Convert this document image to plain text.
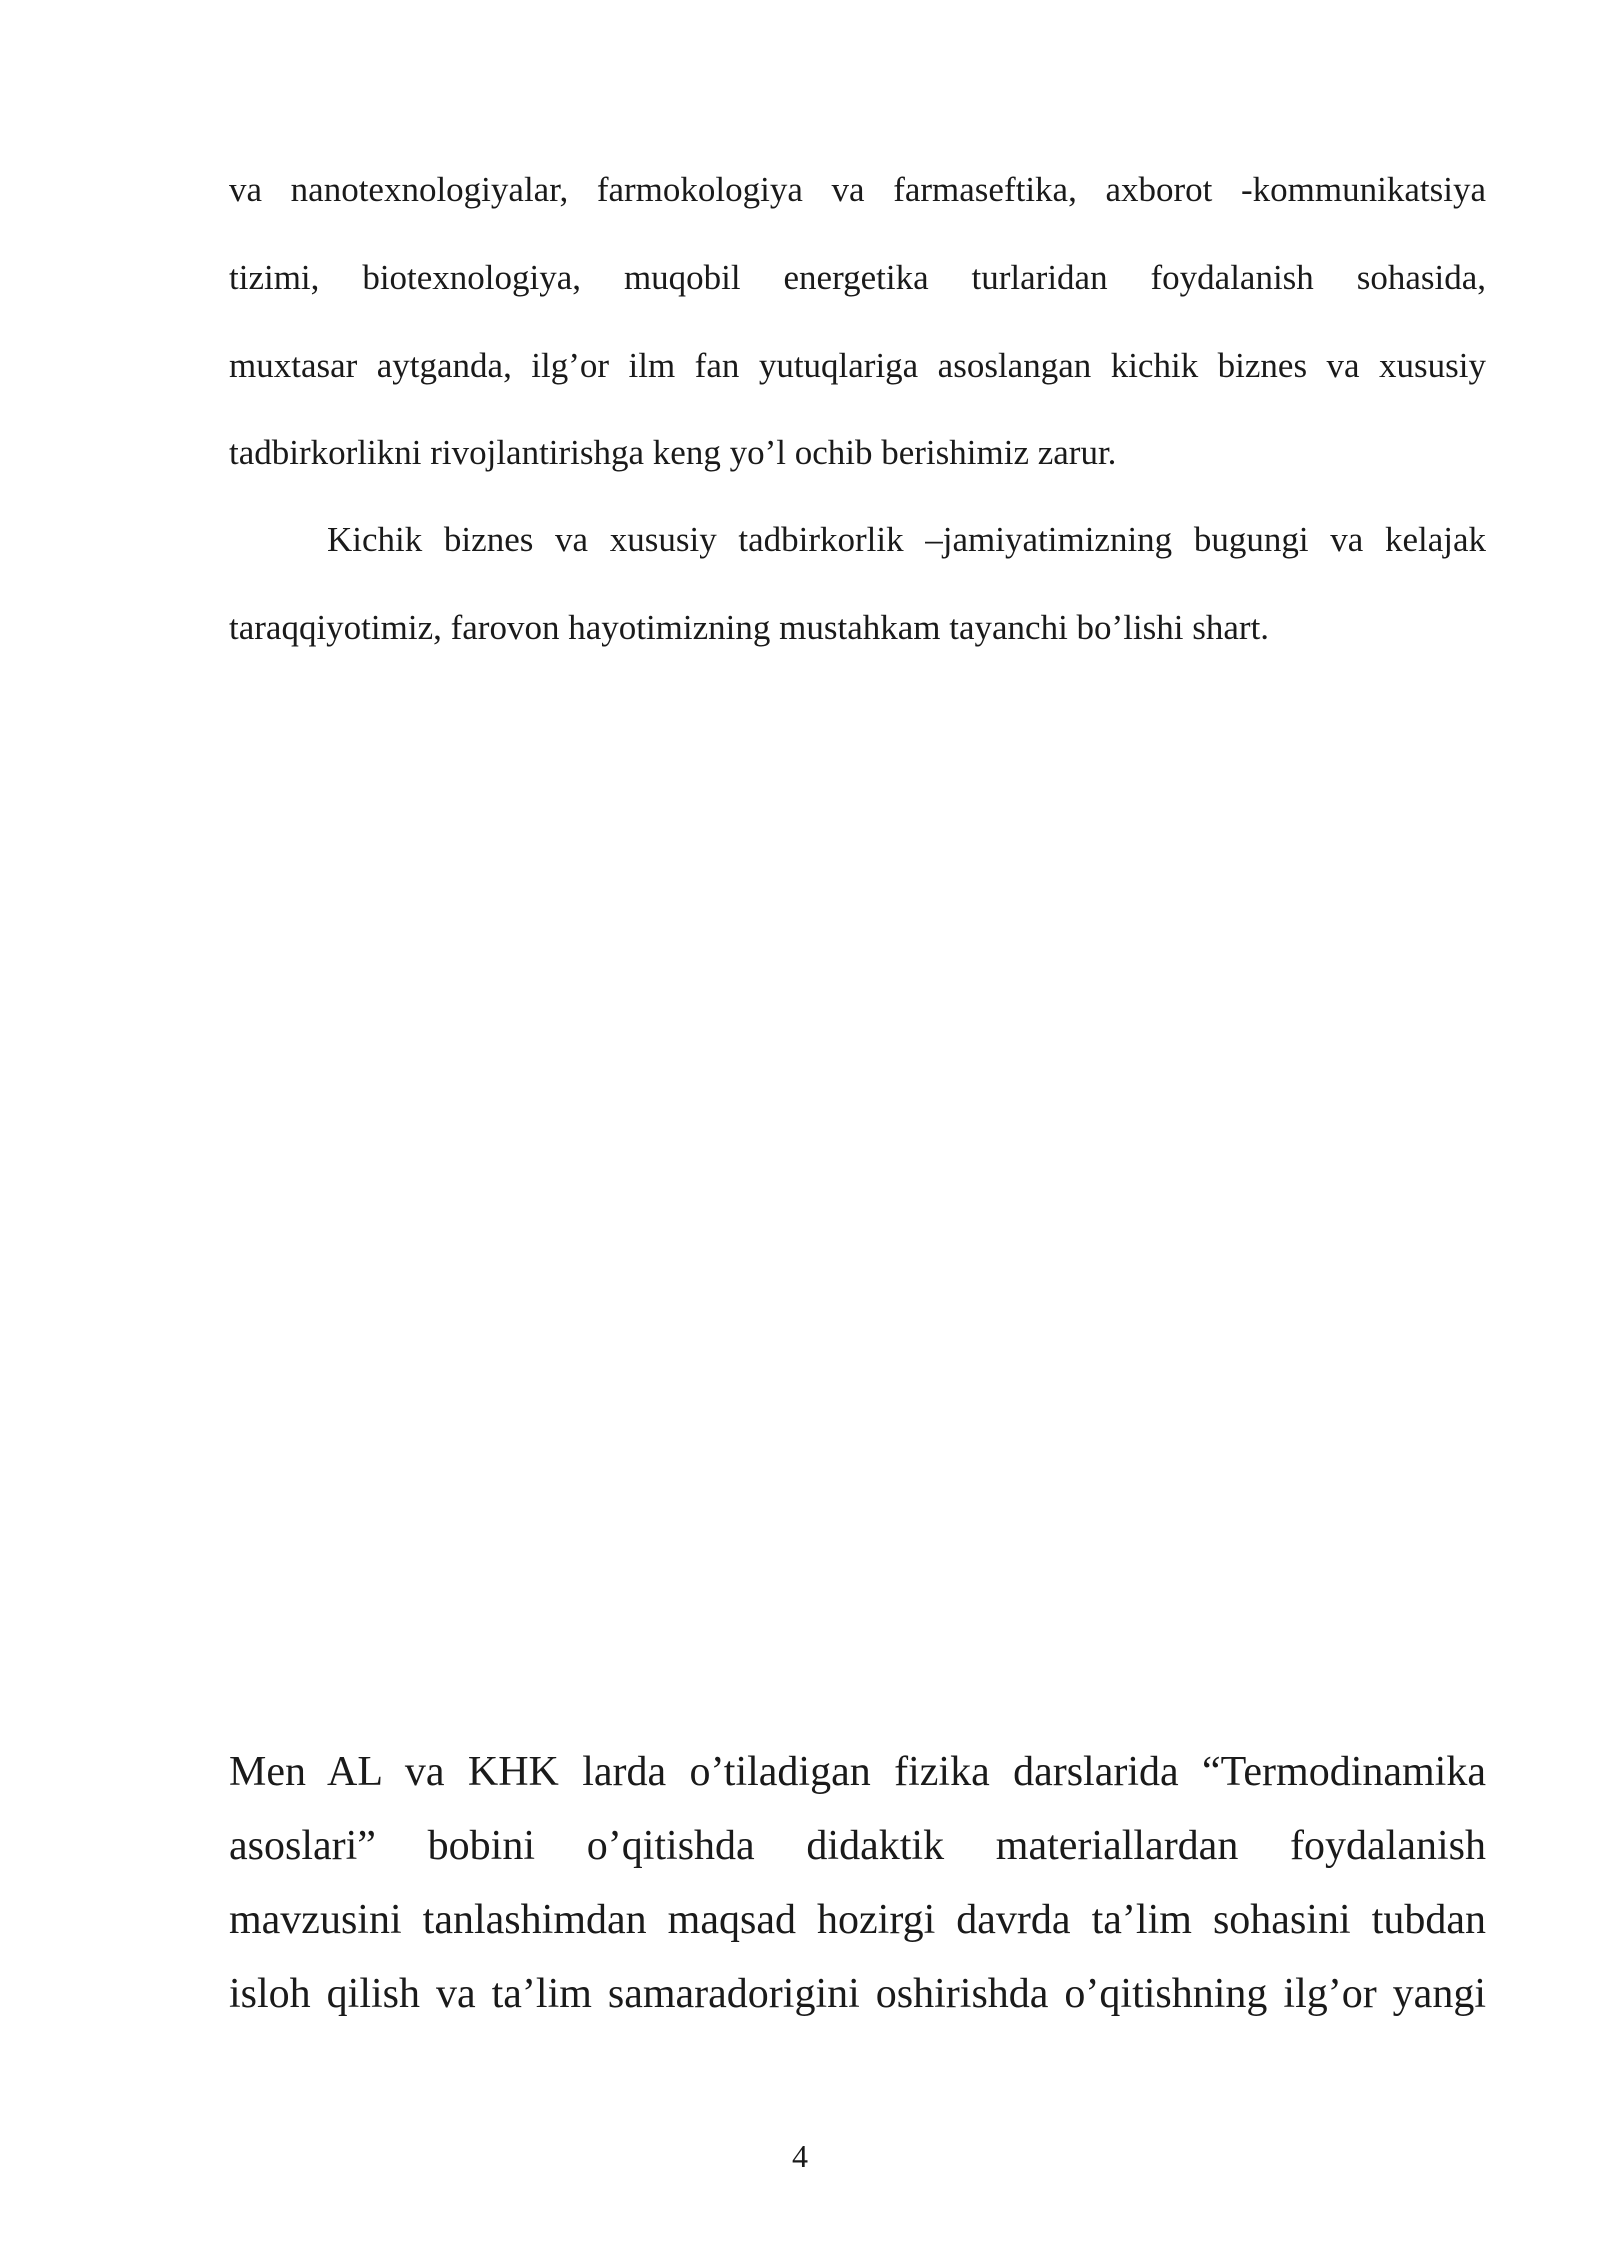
va nanotexnologiyalar, farmokologiya va farmaseftika, axborot -kommunikatsiya
tizimi, biotexnologiya, muqobil energetika turlaridan foydalanish sohasida,
muxtasar aytganda, ilg’or ilm fan yutuqlariga asoslangan kichik biznes va xususiy
tadbirkorlikni rivojlantirishga keng yo’l ochib berishimiz zarur.
Kichik biznes va xususiy tadbirkorlik –jamiyatimizning bugungi va kelajak
taraqqiyotimiz, farovon hayotimizning mustahkam tayanchi bo’lishi shart.
Men AL va KHK larda o’tiladigan fizika darslarida “Termodinamika
asoslari” bobini o’qitishda didaktik materiallardan foydalanish
mavzusini tanlashimdan maqsad hozirgi davrda ta’lim sohasini tubdan
isloh qilish va ta’lim samaradorigini oshirishda o’qitishning ilg’or yangi
4
